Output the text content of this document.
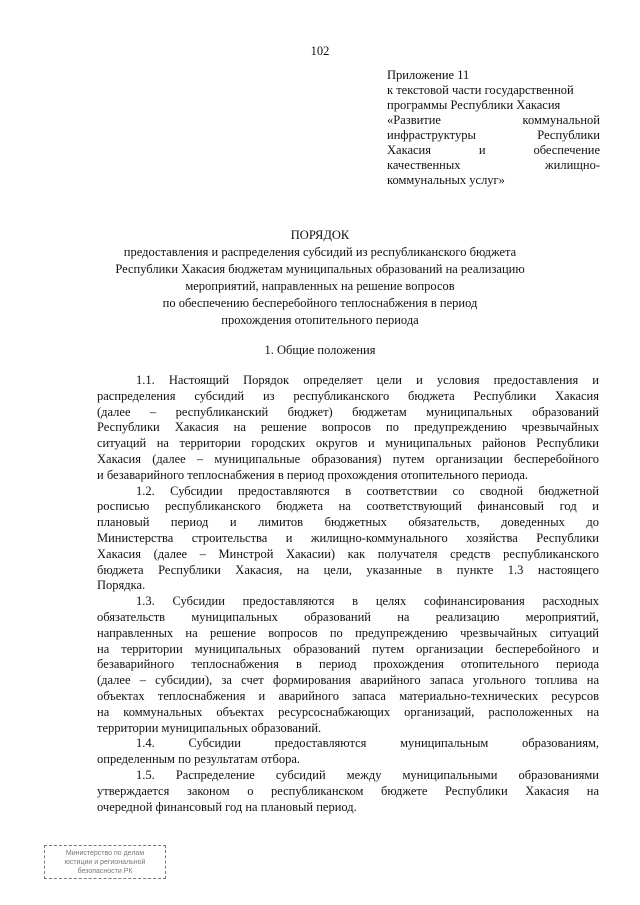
102
Приложение 11
к текстовой части государственной
программы Республики Хакасия
«Развитие коммунальной
инфраструктуры Республики
Хакасия и обеспечение
качественных жилищно-
коммунальных услуг»
ПОРЯДОК
предоставления и распределения субсидий из республиканского бюджета
Республики Хакасия бюджетам муниципальных образований на реализацию
мероприятий, направленных на решение вопросов
по обеспечению бесперебойного теплоснабжения в период
прохождения отопительного периода
1. Общие положения
1.1. Настоящий Порядок определяет цели и условия предоставления и
распределения субсидий из республиканского бюджета Республики Хакасия
(далее – республиканский бюджет) бюджетам муниципальных образований
Республики Хакасия на решение вопросов по предупреждению чрезвычайных
ситуаций на территории городских округов и муниципальных районов Республики
Хакасия (далее – муниципальные образования) путем организации бесперебойного
и безаварийного теплоснабжения в период прохождения отопительного периода.
1.2. Субсидии предоставляются в соответствии со сводной бюджетной
росписью республиканского бюджета на соответствующий финансовый год и
плановый период и лимитов бюджетных обязательств, доведенных до
Министерства строительства и жилищно-коммунального хозяйства Республики
Хакасия (далее – Минстрой Хакасии) как получателя средств республиканского
бюджета Республики Хакасия, на цели, указанные в пункте 1.3 настоящего
Порядка.
1.3. Субсидии предоставляются в целях софинансирования расходных
обязательств муниципальных образований на реализацию мероприятий,
направленных на решение вопросов по предупреждению чрезвычайных ситуаций
на территории муниципальных образований путем организации бесперебойного и
безаварийного теплоснабжения в период прохождения отопительного периода
(далее – субсидии), за счет формирования аварийного запаса угольного топлива на
объектах теплоснабжения и аварийного запаса материально-технических ресурсов
на коммунальных объектах ресурсоснабжающих организаций, расположенных на
территории муниципальных образований.
1.4. Субсидии предоставляются муниципальным образованиям,
определенным по результатам отбора.
1.5. Распределение субсидий между муниципальными образованиями
утверждается законом о республиканском бюджете Республики Хакасия на
очередной финансовый год на плановый период.
Министерство по делам
юстиции и региональной
безопасности РК
